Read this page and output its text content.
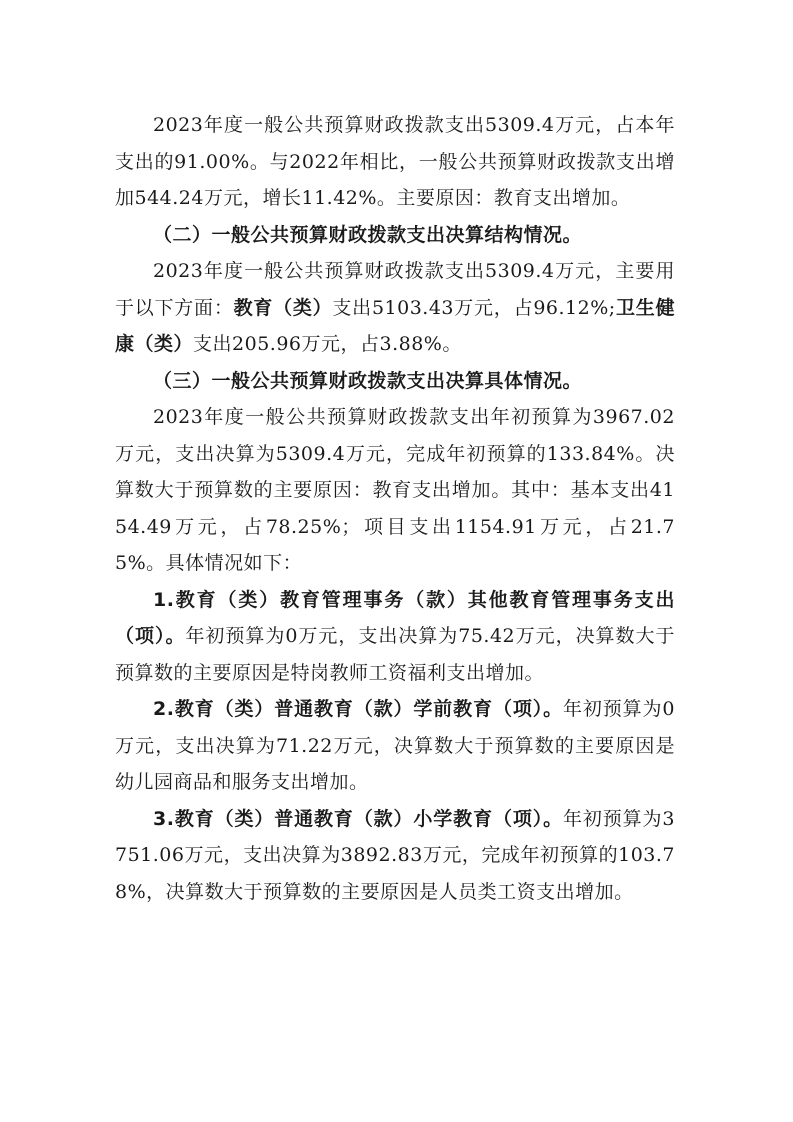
2023年度一般公共预算财政拨款支出5309.4万元，占本年支出的91.00%。与2022年相比，一般公共预算财政拨款支出增加544.24万元，增长11.42%。主要原因：教育支出增加。

（二）一般公共预算财政拨款支出决算结构情况。

2023年度一般公共预算财政拨款支出5309.4万元，主要用于以下方面：教育（类）支出5103.43万元，占96.12%;卫生健康（类）支出205.96万元，占3.88%。

（三）一般公共预算财政拨款支出决算具体情况。

2023年度一般公共预算财政拨款支出年初预算为3967.02万元，支出决算为5309.4万元，完成年初预算的133.84%。决算数大于预算数的主要原因：教育支出增加。其中：基本支出4154.49万元，占78.25%；项目支出1154.91万元，占21.75%。具体情况如下：

1.教育（类）教育管理事务（款）其他教育管理事务支出（项）。年初预算为0万元，支出决算为75.42万元，决算数大于预算数的主要原因是特岗教师工资福利支出增加。

2.教育（类）普通教育（款）学前教育（项）。年初预算为0万元，支出决算为71.22万元，决算数大于预算数的主要原因是幼儿园商品和服务支出增加。

3.教育（类）普通教育（款）小学教育（项）。年初预算为3751.06万元，支出决算为3892.83万元，完成年初预算的103.78%，决算数大于预算数的主要原因是人员类工资支出增加。
